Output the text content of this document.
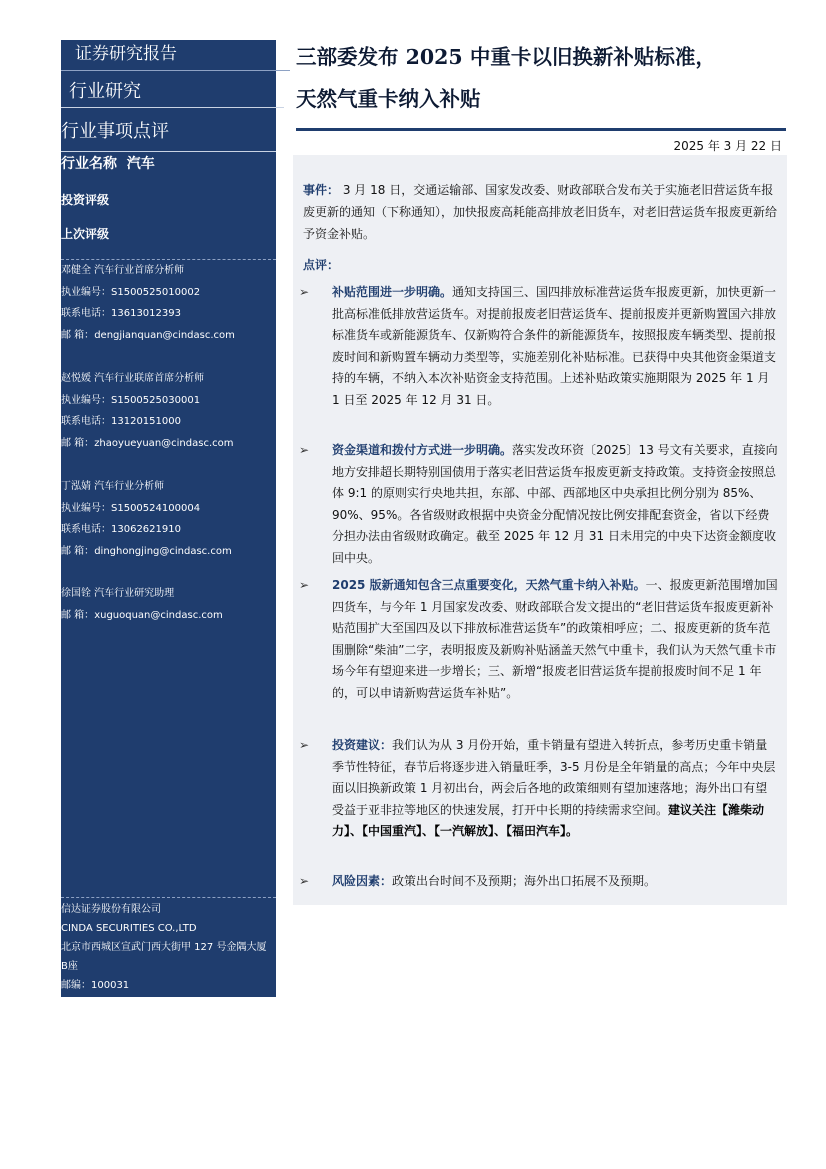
证券研究报告
行业研究
行业事项点评
行业名称 汽车
投资评级
上次评级
邓健全 汽车行业首席分析师
执业编号：S1500525010002
联系电话：13613012393
邮 箱：dengjianquan@cindasc.com
赵悦媛 汽车行业联席首席分析师
执业编号：S1500525030001
联系电话：13120151000
邮 箱：zhaoyueyuan@cindasc.com
丁泓婧 汽车行业分析师
执业编号：S1500524100004
联系电话：13062621910
邮 箱：dinghongjing@cindasc.com
徐国铨 汽车行业研究助理
邮 箱：xuguoquan@cindasc.com
信达证券股份有限公司
CINDA SECURITIES CO.,LTD
北京市西城区宣武门西大街甲 127 号金隅大厦
B座
邮编：100031
三部委发布 2025 中重卡以旧换新补贴标准，
天然气重卡纳入补贴
2025 年 3 月 22 日
事件： 3 月 18 日，交通运输部、国家发改委、财政部联合发布关于实施老旧营运货车报废更新的通知（下称通知），加快报废高耗能高排放老旧货车，对老旧营运货车报废更新给予资金补贴。
点评：
➢ 补贴范围进一步明确。通知支持国三、国四排放标准营运货车报废更新，加快更新一批高标准低排放营运货车。对提前报废老旧营运货车、提前报废并更新购置国六排放标准货车或新能源货车、仅新购符合条件的新能源货车，按照报废车辆类型、提前报废时间和新购置车辆动力类型等，实施差别化补贴标准。已获得中央其他资金渠道支持的车辆，不纳入本次补贴资金支持范围。上述补贴政策实施期限为 2025 年 1 月 1 日至 2025 年 12 月 31 日。
➢ 资金渠道和拨付方式进一步明确。落实发改环资〔2025〕13 号文有关要求，直接向地方安排超长期特别国债用于落实老旧营运货车报废更新支持政策。支持资金按照总体 9:1 的原则实行央地共担，东部、中部、西部地区中央承担比例分别为 85%、90%、95%。各省级财政根据中央资金分配情况按比例安排配套资金，省以下经费分担办法由省级财政确定。截至 2025 年 12 月 31 日未用完的中央下达资金额度收回中央。
➢ 2025 版新通知包含三点重要变化，天然气重卡纳入补贴。一、报废更新范围增加国四货车，与今年 1 月国家发改委、财政部联合发文提出的“老旧营运货车报废更新补贴范围扩大至国四及以下排放标准营运货车”的政策相呼应；二、报废更新的货车范围删除“柴油”二字，表明报废及新购补贴涵盖天然气中重卡，我们认为天然气重卡市场今年有望迎来进一步增长；三、新增“报废老旧营运货车提前报废时间不足 1 年的，可以申请新购营运货车补贴”。
➢ 投资建议：我们认为从 3 月份开始，重卡销量有望进入转折点，参考历史重卡销量季节性特征，春节后将逐步进入销量旺季，3-5 月份是全年销量的高点；今年中央层面以旧换新政策 1 月初出台，两会后各地的政策细则有望加速落地；海外出口有望受益于亚非拉等地区的快速发展，打开中长期的持续需求空间。建议关注【潍柴动力】、【中国重汽】、【一汽解放】、【福田汽车】。
➢ 风险因素：政策出台时间不及预期；海外出口拓展不及预期。
